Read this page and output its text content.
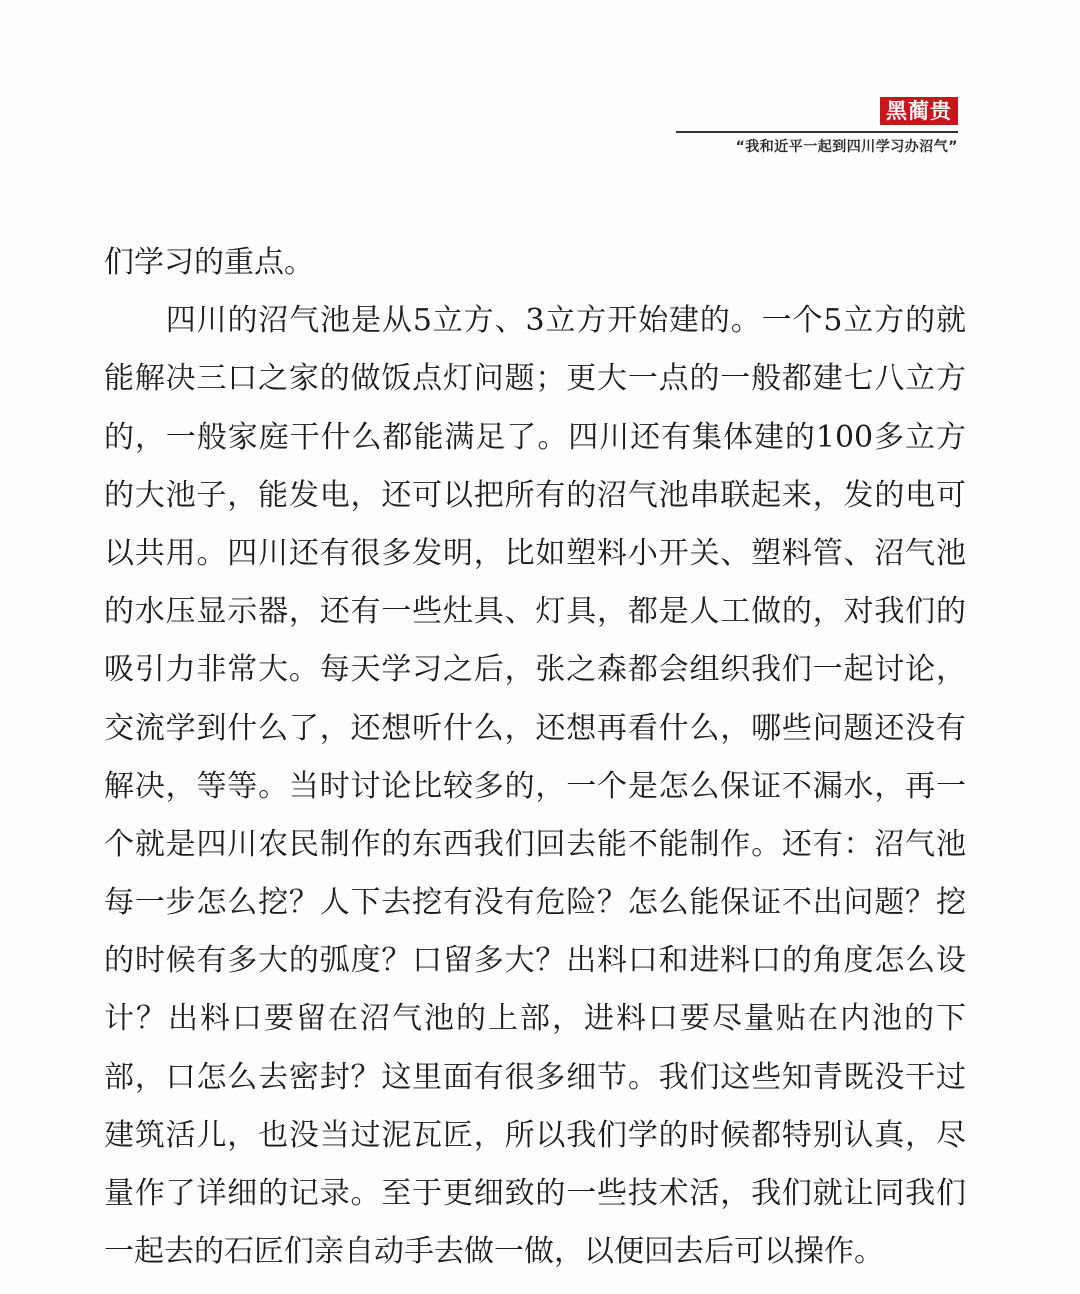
黑蔺贵
“我和近平一起到四川学习办沼气”
们学习的重点。
　　四川的沼气池是从5立方、3立方开始建的。一个5立方的就
能解决三口之家的做饭点灯问题；更大一点的一般都建七八立方
的，一般家庭干什么都能满足了。四川还有集体建的100多立方
的大池子，能发电，还可以把所有的沼气池串联起来，发的电可
以共用。四川还有很多发明，比如塑料小开关、塑料管、沼气池
的水压显示器，还有一些灶具、灯具，都是人工做的，对我们的
吸引力非常大。每天学习之后，张之森都会组织我们一起讨论，
交流学到什么了，还想听什么，还想再看什么，哪些问题还没有
解决，等等。当时讨论比较多的，一个是怎么保证不漏水，再一
个就是四川农民制作的东西我们回去能不能制作。还有：沼气池
每一步怎么挖？人下去挖有没有危险？怎么能保证不出问题？挖
的时候有多大的弧度？口留多大？出料口和进料口的角度怎么设
计？出料口要留在沼气池的上部，进料口要尽量贴在内池的下
部，口怎么去密封？这里面有很多细节。我们这些知青既没干过
建筑活儿，也没当过泥瓦匠，所以我们学的时候都特别认真，尽
量作了详细的记录。至于更细致的一些技术活，我们就让同我们
一起去的石匠们亲自动手去做一做，以便回去后可以操作。
